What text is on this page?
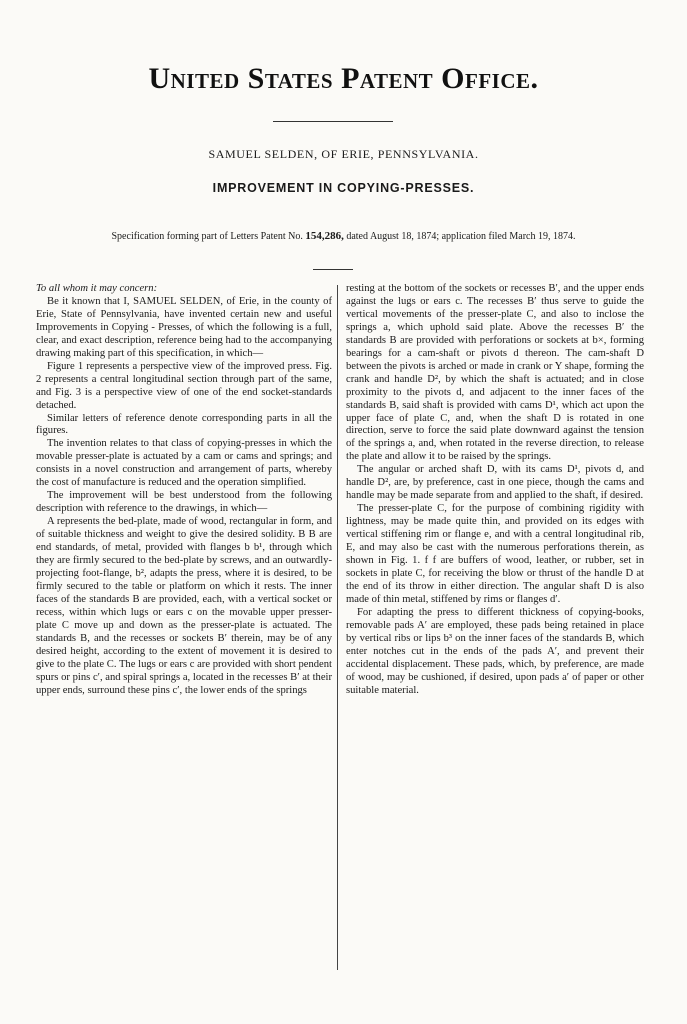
United States Patent Office.
SAMUEL SELDEN, OF ERIE, PENNSYLVANIA.
IMPROVEMENT IN COPYING-PRESSES.
Specification forming part of Letters Patent No. 154,286, dated August 18, 1874; application filed March 19, 1874.

To all whom it may concern:

Be it known that I, SAMUEL SELDEN, of Erie, in the county of Erie, State of Pennsylvania, have invented certain new and useful Improvements in Copying - Presses, of which the following is a full, clear, and exact description, reference being had to the accompanying drawing making part of this specification, in which—

Figure 1 represents a perspective view of the improved press. Fig. 2 represents a central longitudinal section through part of the same, and Fig. 3 is a perspective view of one of the end socket-standards detached.

Similar letters of reference denote corresponding parts in all the figures.

The invention relates to that class of copying-presses in which the movable presser-plate is actuated by a cam or cams and springs; and consists in a novel construction and arrangement of parts, whereby the cost of manufacture is reduced and the operation simplified.

The improvement will be best understood from the following description with reference to the drawings, in which—

A represents the bed-plate, made of wood, rectangular in form, and of suitable thickness and weight to give the desired solidity. B B are end standards, of metal, provided with flanges b b¹, through which they are firmly secured to the bed-plate by screws, and an outwardly-projecting foot-flange, b², adapts the press, where it is desired, to be firmly secured to the table or platform on which it rests. The inner faces of the standards B are provided, each, with a vertical socket or recess, within which lugs or ears c on the movable upper presser-plate C move up and down as the presser-plate is actuated. The standards B, and the recesses or sockets B′ therein, may be of any desired height, according to the extent of movement it is desired to give to the plate C. The lugs or ears c are provided with short pendent spurs or pins c′, and spiral springs a, located in the recesses B′ at their upper ends, surround these pins c′, the lower ends of the springs

resting at the bottom of the sockets or recesses B′, and the upper ends against the lugs or ears c. The recesses B′ thus serve to guide the vertical movements of the presser-plate C, and also to inclose the springs a, which uphold said plate. Above the recesses B′ the standards B are provided with perforations or sockets at b×, forming bearings for a cam-shaft or pivots d thereon. The cam-shaft D between the pivots is arched or made in crank or Y shape, forming the crank and handle D², by which the shaft is actuated; and in close proximity to the pivots d, and adjacent to the inner faces of the standards B, said shaft is provided with cams D¹, which act upon the upper face of plate C, and, when the shaft D is rotated in one direction, serve to force the said plate downward against the tension of the springs a, and, when rotated in the reverse direction, to release the plate and allow it to be raised by the springs.

The angular or arched shaft D, with its cams D¹, pivots d, and handle D², are, by preference, cast in one piece, though the cams and handle may be made separate from and applied to the shaft, if desired.

The presser-plate C, for the purpose of combining rigidity with lightness, may be made quite thin, and provided on its edges with vertical stiffening rim or flange e, and with a central longitudinal rib, E, and may also be cast with the numerous perforations therein, as shown in Fig. 1. f f are buffers of wood, leather, or rubber, set in sockets in plate C, for receiving the blow or thrust of the handle D at the end of its throw in either direction. The angular shaft D is also made of thin metal, stiffened by rims or flanges d′.

For adapting the press to different thickness of copying-books, removable pads A′ are employed, these pads being retained in place by vertical ribs or lips b³ on the inner faces of the standards B, which enter notches cut in the ends of the pads A′, and prevent their accidental displacement. These pads, which, by preference, are made of wood, may be cushioned, if desired, upon pads a′ of paper or other suitable material.
